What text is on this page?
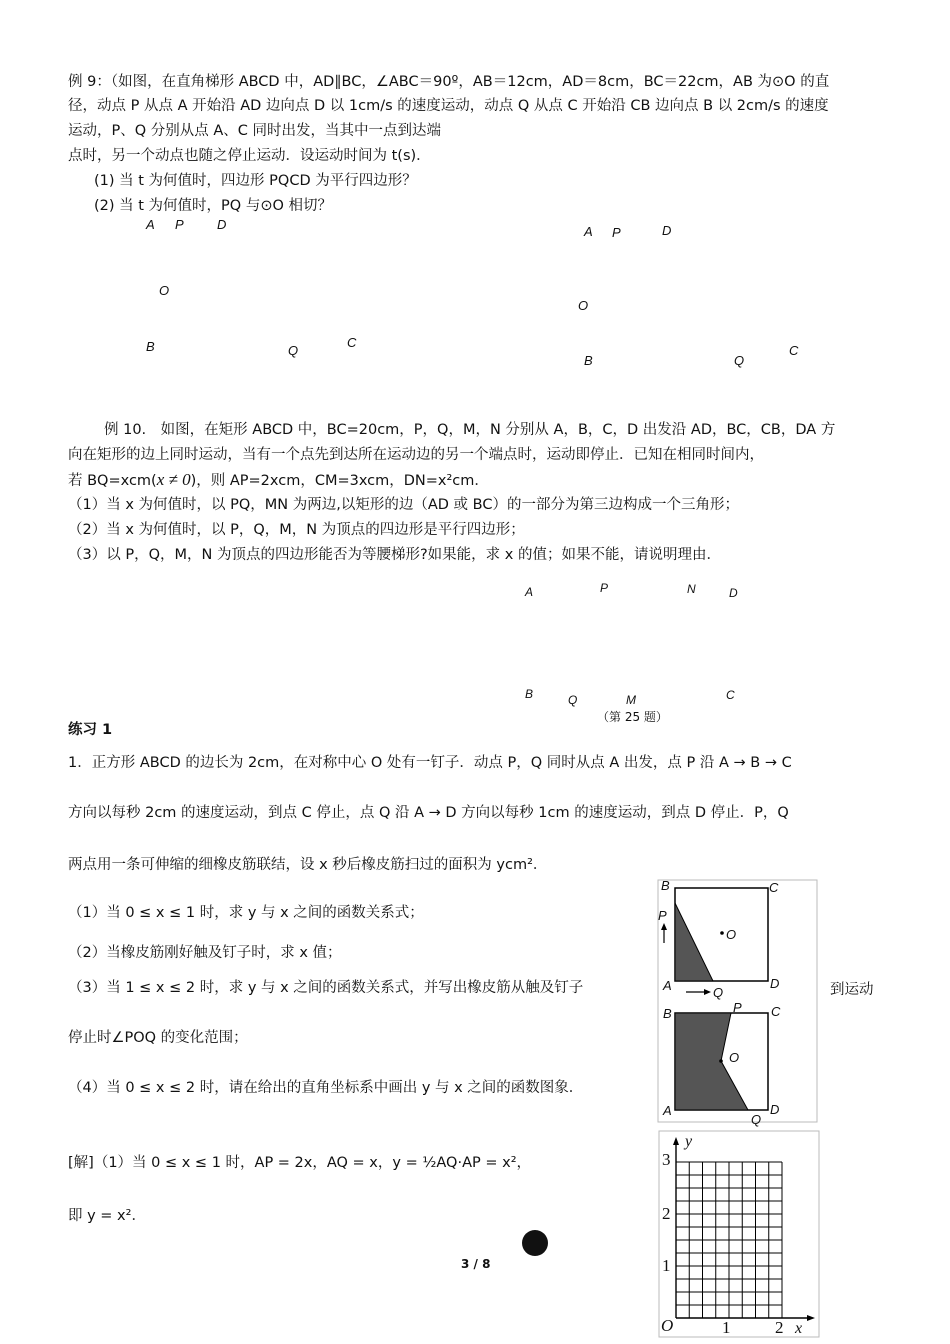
例 9：（如图，在直角梯形 ABCD 中，AD∥BC，∠ABC＝90º，AB＝12cm，AD＝8cm，BC＝22cm，AB 为⊙O 的直
径，动点 P 从点 A 开始沿 AD 边向点 D 以 1cm/s 的速度运动，动点 Q 从点 C 开始沿 CB 边向点 B 以 2cm/s 的速度
运动，P、Q 分别从点 A、C 同时出发，当其中一点到达端
点时，另一个动点也随之停止运动．设运动时间为 t(s)．
(1) 当 t 为何值时，四边形 PQCD 为平行四边形？
(2) 当 t 为何值时，PQ 与⊙O 相切？
A P	D
O
B	Q
C
A P	D
O
B	Q
C
例 10.　如图，在矩形 ABCD 中，BC=20cm，P，Q，M，N 分别从 A，B，C，D 出发沿 AD，BC，CB，DA 方
向在矩形的边上同时运动，当有一个点先到达所在运动边的另一个端点时，运动即停止．已知在相同时间内，
若 BQ=xcm(x ≠ 0)，则 AP=2xcm，CM=3xcm，DN=x²cm．
（1）当 x 为何值时，以 PQ，MN 为两边,以矩形的边（AD 或 BC）的一部分为第三边构成一个三角形；
（2）当 x 为何值时，以 P，Q，M，N 为顶点的四边形是平行四边形；
（3）以 P，Q，M，N 为顶点的四边形能否为等腰梯形?如果能，求 x 的值；如果不能，请说明理由．
A	P	N	D
B	Q	M	C
（第 25 题）
练习 1
1．正方形 ABCD 的边长为 2cm，在对称中心 O 处有一钉子．动点 P，Q 同时从点 A 出发，点 P 沿 A → B → C
方向以每秒 2cm 的速度运动，到点 C 停止，点 Q 沿 A → D 方向以每秒 1cm 的速度运动，到点 D 停止．P，Q
两点用一条可伸缩的细橡皮筋联结，设 x 秒后橡皮筋扫过的面积为 ycm²．
（1）当 0 ≤ x ≤ 1 时，求 y 与 x 之间的函数关系式；
（2）当橡皮筋刚好触及钉子时，求 x 值；
（3）当 1 ≤ x ≤ 2 时，求 y 与 x 之间的函数关系式，并写出橡皮筋从触及钉子	到运动
停止时∠POQ 的变化范围；
（4）当 0 ≤ x ≤ 2 时，请在给出的直角坐标系中画出 y 与 x 之间的函数图象．
[解]（1）当 0 ≤ x ≤ 1 时，AP = 2x，AQ = x，y = ½AQ·AP = x²，
即 y = x²．
B	C
P
O
A	Q
D
B	P C
O
A	D
Q
y
x
O
3
2
1
1	2
3 / 8
